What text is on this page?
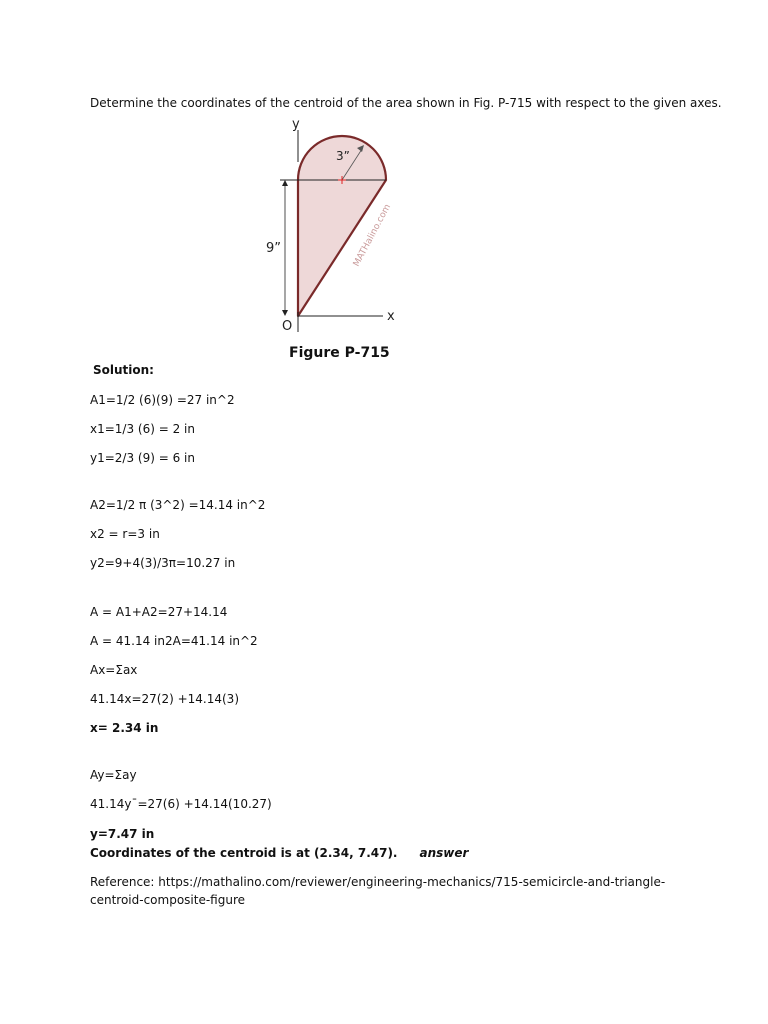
Determine the coordinates of the centroid of the area shown in Fig. P-715 with respect to the given axes.
y
x
O
3”
9”	MATHalino.com
Figure P-715
Solution:
A1=1/2 (6)(9) =27 in^2
x1=1/3 (6) = 2 in
y1=2/3 (9) = 6 in
A2=1/2 π (3^2) =14.14 in^2
x2 = r=3 in
y2=9+4(3)/3π=10.27 in
A = A1+A2=27+14.14
A = 41.14 in2A=41.14 in^2
Ax=Σax
41.14x=27(2) +14.14(3)
x= 2.34 in
Ay=Σay
41.14y¯=27(6) +14.14(10.27)
y=7.47 in
Coordinates of the centroid is at (2.34, 7.47). answer
Reference: https://mathalino.com/reviewer/engineering-mechanics/715-semicircle-and-triangle-
centroid-composite-figure
